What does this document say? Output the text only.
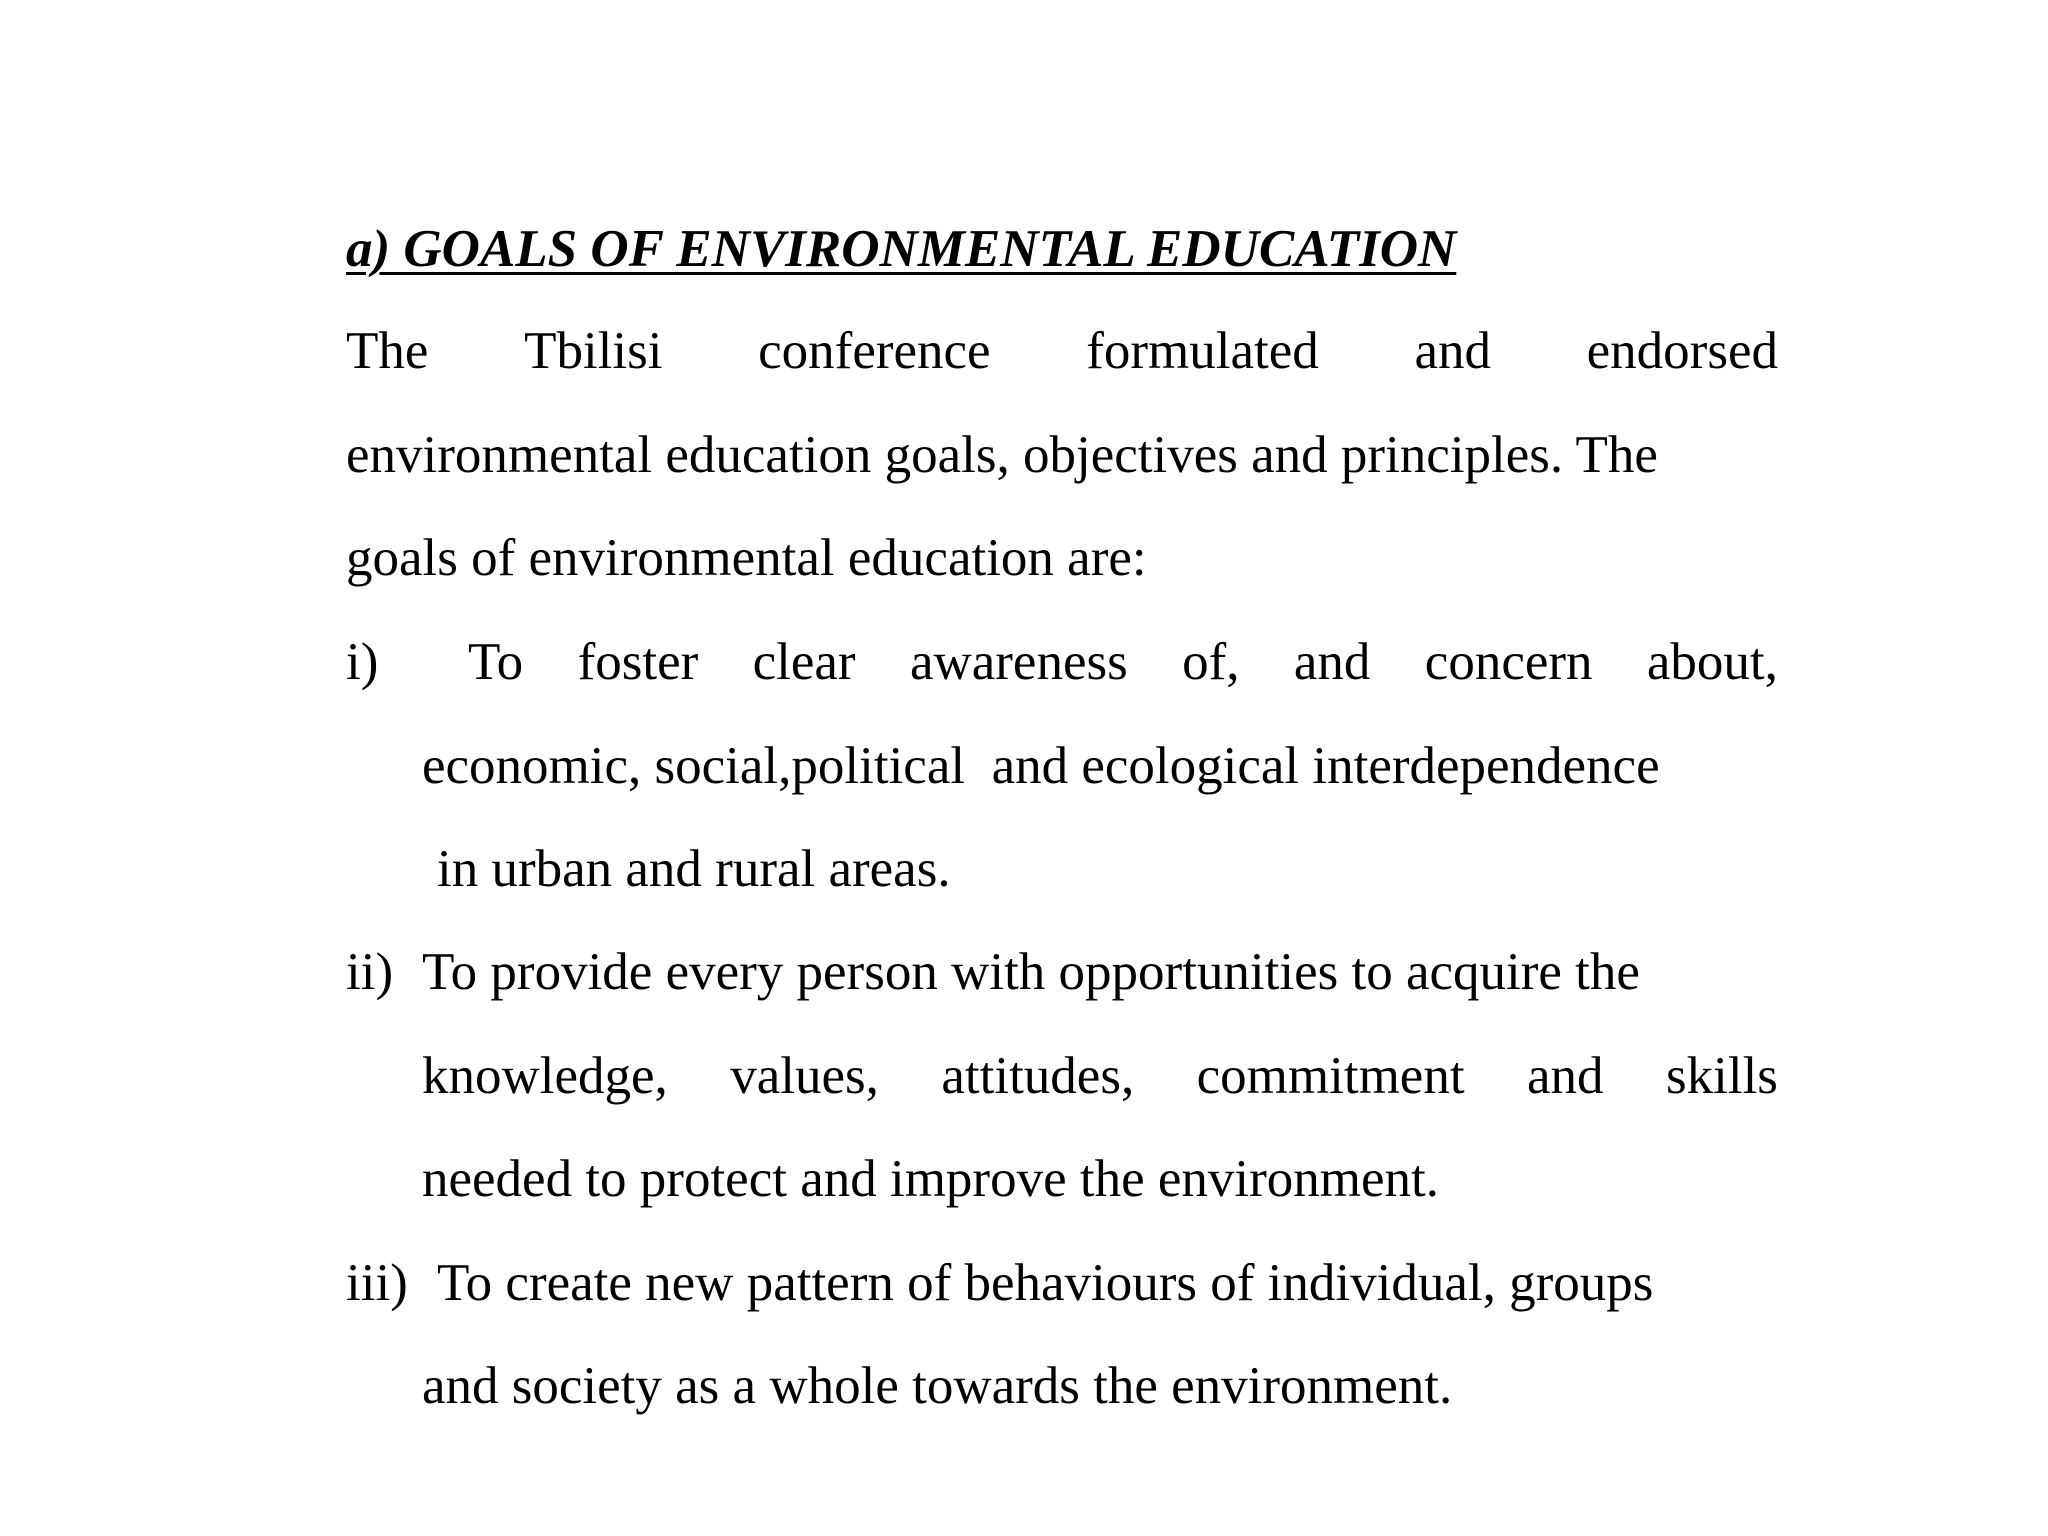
a) GOALS OF ENVIRONMENTAL EDUCATION
The Tbilisi conference formulated and endorsed
environmental education goals, objectives and principles. The
goals of environmental education are:
i) To foster clear awareness of, and concern about,
economic, social,political  and ecological interdependence
in urban and rural areas.
ii) To provide every person with opportunities to acquire the
knowledge, values, attitudes, commitment and skills
needed to protect and improve the environment.
iii) To create new pattern of behaviours of individual, groups
and society as a whole towards the environment.
